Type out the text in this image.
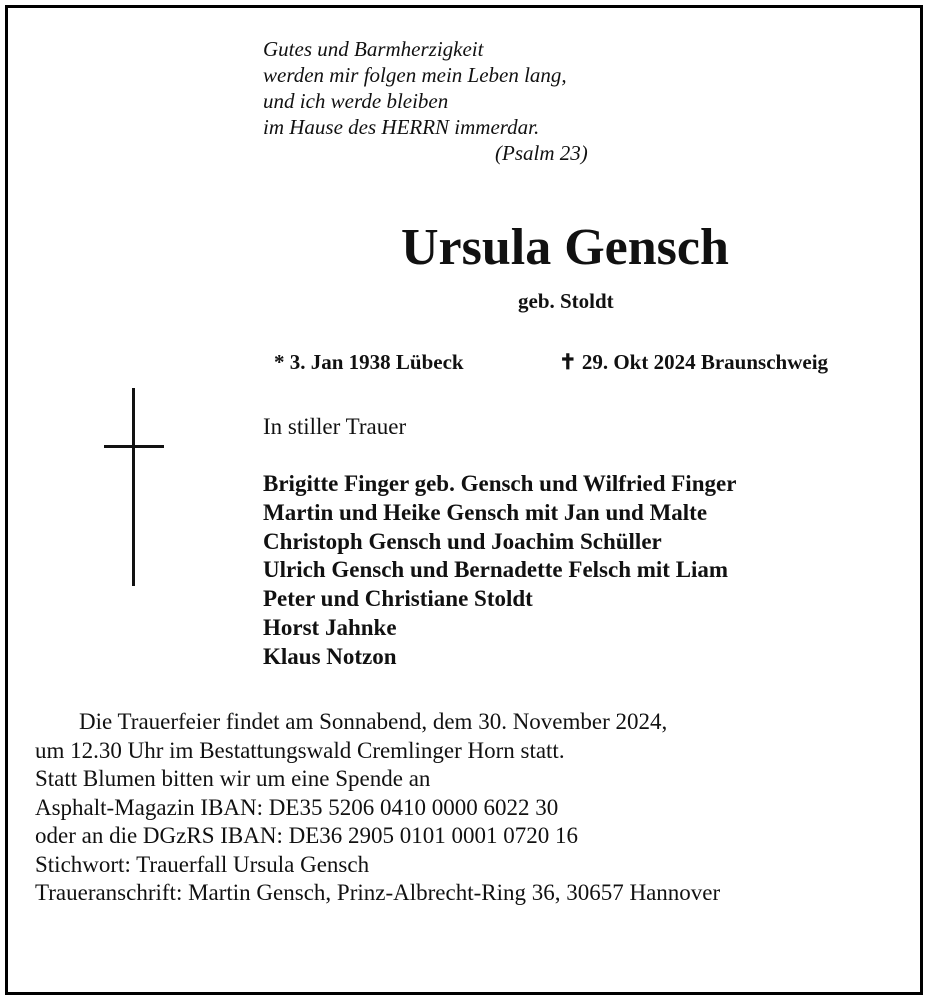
Gutes und Barmherzigkeit
werden mir folgen mein Leben lang,
und ich werde bleiben
im Hause des HERRN immerdar.
(Psalm 23)
Ursula Gensch
geb. Stoldt
* 3. Jan 1938 Lübeck	✝ 29. Okt 2024 Braunschweig
In stiller Trauer
Brigitte Finger geb. Gensch und Wilfried Finger
Martin und Heike Gensch mit Jan und Malte
Christoph Gensch und Joachim Schüller
Ulrich Gensch und Bernadette Felsch mit Liam
Peter und Christiane Stoldt
Horst Jahnke
Klaus Notzon
Die Trauerfeier findet am Sonnabend, dem 30. November 2024,
um 12.30 Uhr im Bestattungswald Cremlinger Horn statt.
Statt Blumen bitten wir um eine Spende an
Asphalt-Magazin IBAN: DE35 5206 0410 0000 6022 30
oder an die DGzRS IBAN: DE36 2905 0101 0001 0720 16
Stichwort: Trauerfall Ursula Gensch
Traueranschrift: Martin Gensch, Prinz-Albrecht-Ring 36, 30657 Hannover
